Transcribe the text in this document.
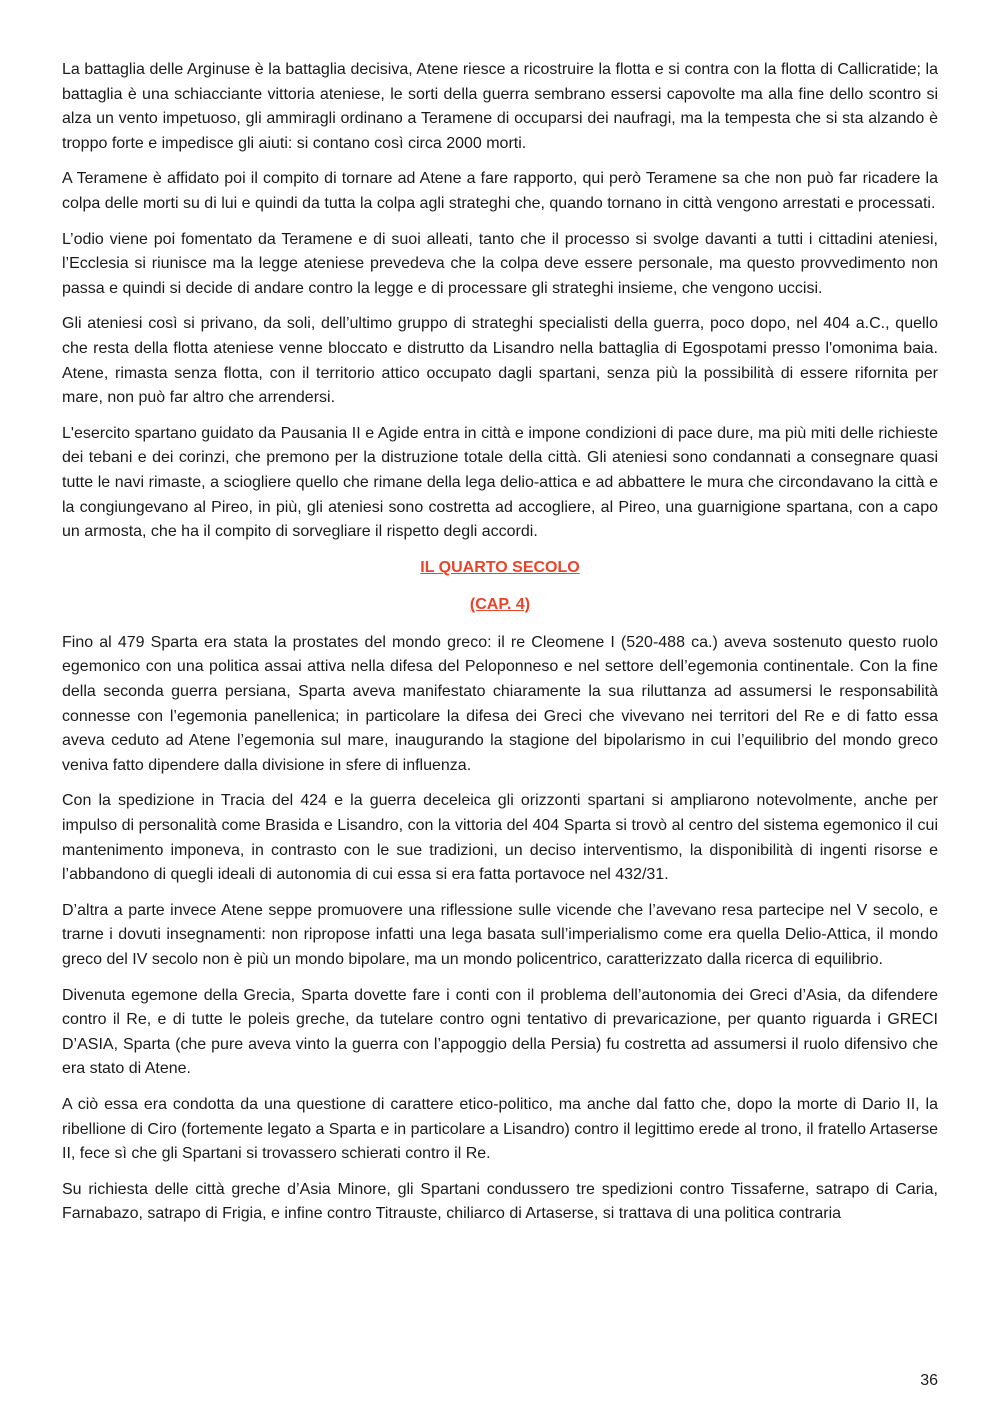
La battaglia delle Arginuse è la battaglia decisiva, Atene riesce a ricostruire la flotta e si contra con la flotta di Callicratide; la battaglia è una schiacciante vittoria ateniese, le sorti della guerra sembrano essersi capovolte ma alla fine dello scontro si alza un vento impetuoso, gli ammiragli ordinano a Teramene di occuparsi dei naufragi, ma la tempesta che si sta alzando è troppo forte e impedisce gli aiuti: si contano così circa 2000 morti.

A Teramene è affidato poi il compito di tornare ad Atene a fare rapporto, qui però Teramene sa che non può far ricadere la colpa delle morti su di lui e quindi da tutta la colpa agli strateghi che, quando tornano in città vengono arrestati e processati.

L’odio viene poi fomentato da Teramene e di suoi alleati, tanto che il processo si svolge davanti a tutti i cittadini ateniesi, l’Ecclesia si riunisce ma la legge ateniese prevedeva che la colpa deve essere personale, ma questo provvedimento non passa e quindi si decide di andare contro la legge e di processare gli strateghi insieme, che vengono uccisi.

Gli ateniesi così si privano, da soli, dell’ultimo gruppo di strateghi specialisti della guerra, poco dopo, nel 404 a.C., quello che resta della flotta ateniese venne bloccato e distrutto da Lisandro nella battaglia di Egospotami presso l'omonima baia. Atene, rimasta senza flotta, con il territorio attico occupato dagli spartani, senza più la possibilità di essere rifornita per mare, non può far altro che arrendersi.

L'esercito spartano guidato da Pausania II e Agide entra in città e impone condizioni di pace dure, ma più miti delle richieste dei tebani e dei corinzi, che premono per la distruzione totale della città. Gli ateniesi sono condannati a consegnare quasi tutte le navi rimaste, a sciogliere quello che rimane della lega delio-attica e ad abbattere le mura che circondavano la città e la congiungevano al Pireo, in più, gli ateniesi sono costretta ad accogliere, al Pireo, una guarnigione spartana, con a capo un armosta, che ha il compito di sorvegliare il rispetto degli accordi.

IL QUARTO SECOLO

(CAP. 4)

Fino al 479 Sparta era stata la prostates del mondo greco: il re Cleomene I (520-488 ca.) aveva sostenuto questo ruolo egemonico con una politica assai attiva nella difesa del Peloponneso e nel settore dell’egemonia continentale. Con la fine della seconda guerra persiana, Sparta aveva manifestato chiaramente la sua riluttanza ad assumersi le responsabilità connesse con l’egemonia panellenica; in particolare la difesa dei Greci che vivevano nei territori del Re e di fatto essa aveva ceduto ad Atene l’egemonia sul mare, inaugurando la stagione del bipolarismo in cui l’equilibrio del mondo greco veniva fatto dipendere dalla divisione in sfere di influenza.

Con la spedizione in Tracia del 424 e la guerra deceleica gli orizzonti spartani si ampliarono notevolmente, anche per impulso di personalità come Brasida e Lisandro, con la vittoria del 404 Sparta si trovò al centro del sistema egemonico il cui mantenimento imponeva, in contrasto con le sue tradizioni, un deciso interventismo, la disponibilità di ingenti risorse e l’abbandono di quegli ideali di autonomia di cui essa si era fatta portavoce nel 432/31.

D’altra a parte invece Atene seppe promuovere una riflessione sulle vicende che l’avevano resa partecipe nel V secolo, e trarne i dovuti insegnamenti: non ripropose infatti una lega basata sull’imperialismo come era quella Delio-Attica, il mondo greco del IV secolo non è più un mondo bipolare, ma un mondo policentrico, caratterizzato dalla ricerca di equilibrio.

Divenuta egemone della Grecia, Sparta dovette fare i conti con il problema dell’autonomia dei Greci d’Asia, da difendere contro il Re, e di tutte le poleis greche, da tutelare contro ogni tentativo di prevaricazione, per quanto riguarda i GRECI D’ASIA, Sparta (che pure aveva vinto la guerra con l’appoggio della Persia) fu costretta ad assumersi il ruolo difensivo che era stato di Atene.

A ciò essa era condotta da una questione di carattere etico-politico, ma anche dal fatto che, dopo la morte di Dario II, la ribellione di Ciro (fortemente legato a Sparta e in particolare a Lisandro) contro il legittimo erede al trono, il fratello Artaserse II, fece sì che gli Spartani si trovassero schierati contro il Re.

Su richiesta delle città greche d’Asia Minore, gli Spartani condussero tre spedizioni contro Tissaferne, satrapo di Caria, Farnabazo, satrapo di Frigia, e infine contro Titrauste, chiliarco di Artaserse, si trattava di una politica contraria

36
